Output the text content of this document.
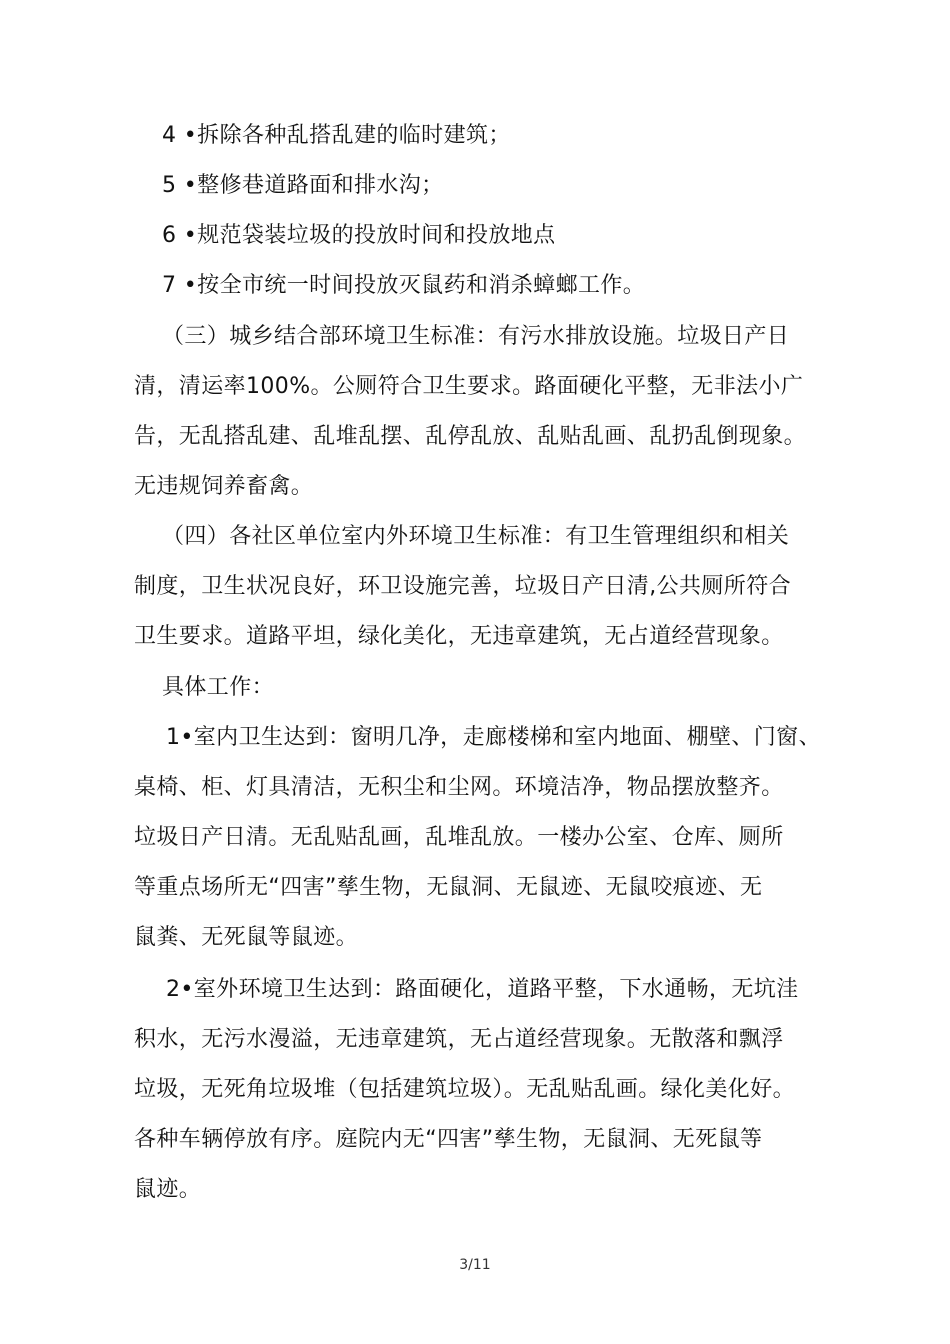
4 •拆除各种乱搭乱建的临时建筑；
5 •整修巷道路面和排水沟；
6 •规范袋装垃圾的投放时间和投放地点
7 •按全市统一时间投放灭鼠药和消杀蟑螂工作。
（三）城乡结合部环境卫生标准：有污水排放设施。垃圾日产日
清，清运率100%。公厕符合卫生要求。路面硬化平整，无非法小广
告，无乱搭乱建、乱堆乱摆、乱停乱放、乱贴乱画、乱扔乱倒现象。
无违规饲养畜禽。
（四）各社区单位室内外环境卫生标准：有卫生管理组织和相关
制度，卫生状况良好，环卫设施完善，垃圾日产日清,公共厕所符合
卫生要求。道路平坦，绿化美化，无违章建筑，无占道经营现象。
具体工作：
1•室内卫生达到：窗明几净，走廊楼梯和室内地面、棚壁、门窗、
桌椅、柜、灯具清洁，无积尘和尘网。环境洁净，物品摆放整齐。
垃圾日产日清。无乱贴乱画，乱堆乱放。一楼办公室、仓库、厕所
等重点场所无“四害”孳生物，无鼠洞、无鼠迹、无鼠咬痕迹、无
鼠粪、无死鼠等鼠迹。
2•室外环境卫生达到：路面硬化，道路平整，下水通畅，无坑洼
积水，无污水漫溢，无违章建筑，无占道经营现象。无散落和飘浮
垃圾，无死角垃圾堆（包括建筑垃圾）。无乱贴乱画。绿化美化好。
各种车辆停放有序。庭院内无“四害”孳生物，无鼠洞、无死鼠等
鼠迹。
3/11
